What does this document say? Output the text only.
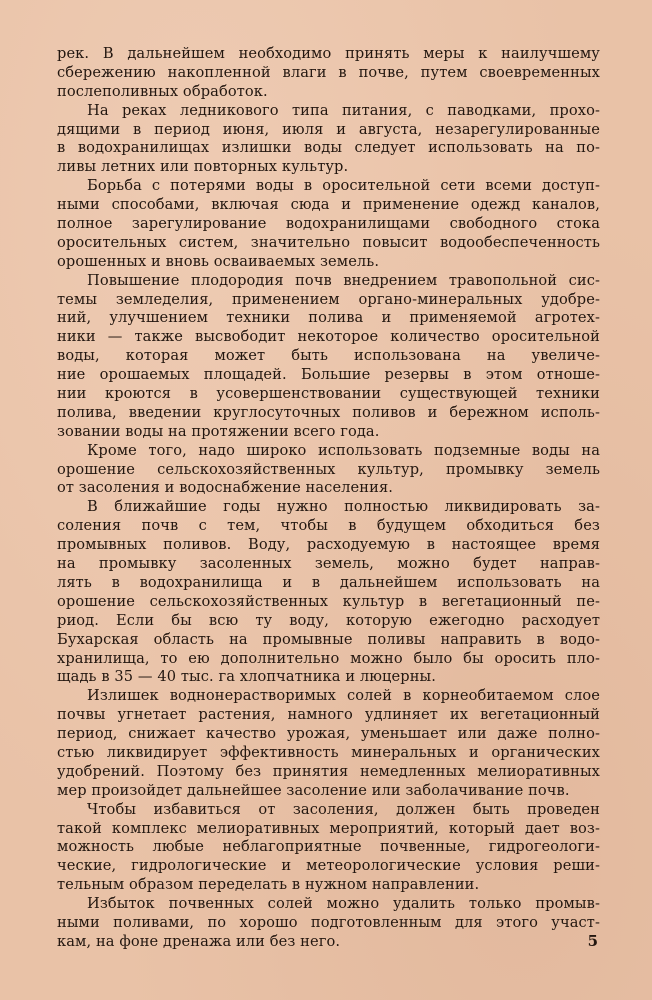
рек. В дальнейшем необходимо принять меры к наилучшему
сбережению накопленной влаги в почве, путем своевременных
послеполивных обработок.
На реках ледникового типа питания, с паводками, прохо-
дящими в период июня, июля и августа, незарегулированные
в водохранилищах излишки воды следует использовать на по-
ливы летних или повторных культур.
Борьба с потерями воды в оросительной сети всеми доступ-
ными способами, включая сюда и применение одежд каналов,
полное зарегулирование водохранилищами свободного стока
оросительных систем, значительно повысит водообеспеченность
орошенных и вновь осваиваемых земель.
Повышение плодородия почв внедрением травопольной сис-
темы земледелия, применением органо-минеральных удобре-
ний, улучшением техники полива и применяемой агротех-
ники — также высвободит некоторое количество оросительной
воды, которая может быть использована на увеличе-
ние орошаемых площадей. Большие резервы в этом отноше-
нии кроются в усовершенствовании существующей техники
полива, введении круглосуточных поливов и бережном исполь-
зовании воды на протяжении всего года.
Кроме того, надо широко использовать подземные воды на
орошение сельскохозяйственных культур, промывку земель
от засоления и водоснабжение населения.
В ближайшие годы нужно полностью ликвидировать за-
соления почв с тем, чтобы в будущем обходиться без
промывных поливов. Воду, расходуемую в настоящее время
на промывку засоленных земель, можно будет направ-
лять в водохранилища и в дальнейшем использовать на
орошение сельскохозяйственных культур в вегетационный пе-
риод. Если бы всю ту воду, которую ежегодно расходует
Бухарская область на промывные поливы направить в водо-
хранилища, то ею дополнительно можно было бы оросить пло-
щадь в 35 — 40 тыс. га хлопчатника и люцерны.
Излишек воднонерастворимых солей в корнеобитаемом слое
почвы угнетает растения, намного удлиняет их вегетационный
период, снижает качество урожая, уменьшает или даже полно-
стью ликвидирует эффективность минеральных и органических
удобрений. Поэтому без принятия немедленных мелиоративных
мер произойдет дальнейшее засоление или заболачивание почв.
Чтобы избавиться от засоления, должен быть проведен
такой комплекс мелиоративных мероприятий, который дает воз-
можность любые неблагоприятные почвенные, гидрогеологи-
ческие, гидрологические и метеорологические условия реши-
тельным образом переделать в нужном направлении.
Избыток почвенных солей можно удалить только промыв-
ными поливами, по хорошо подготовленным для этого участ-
кам, на фоне дренажа или без него.	5
